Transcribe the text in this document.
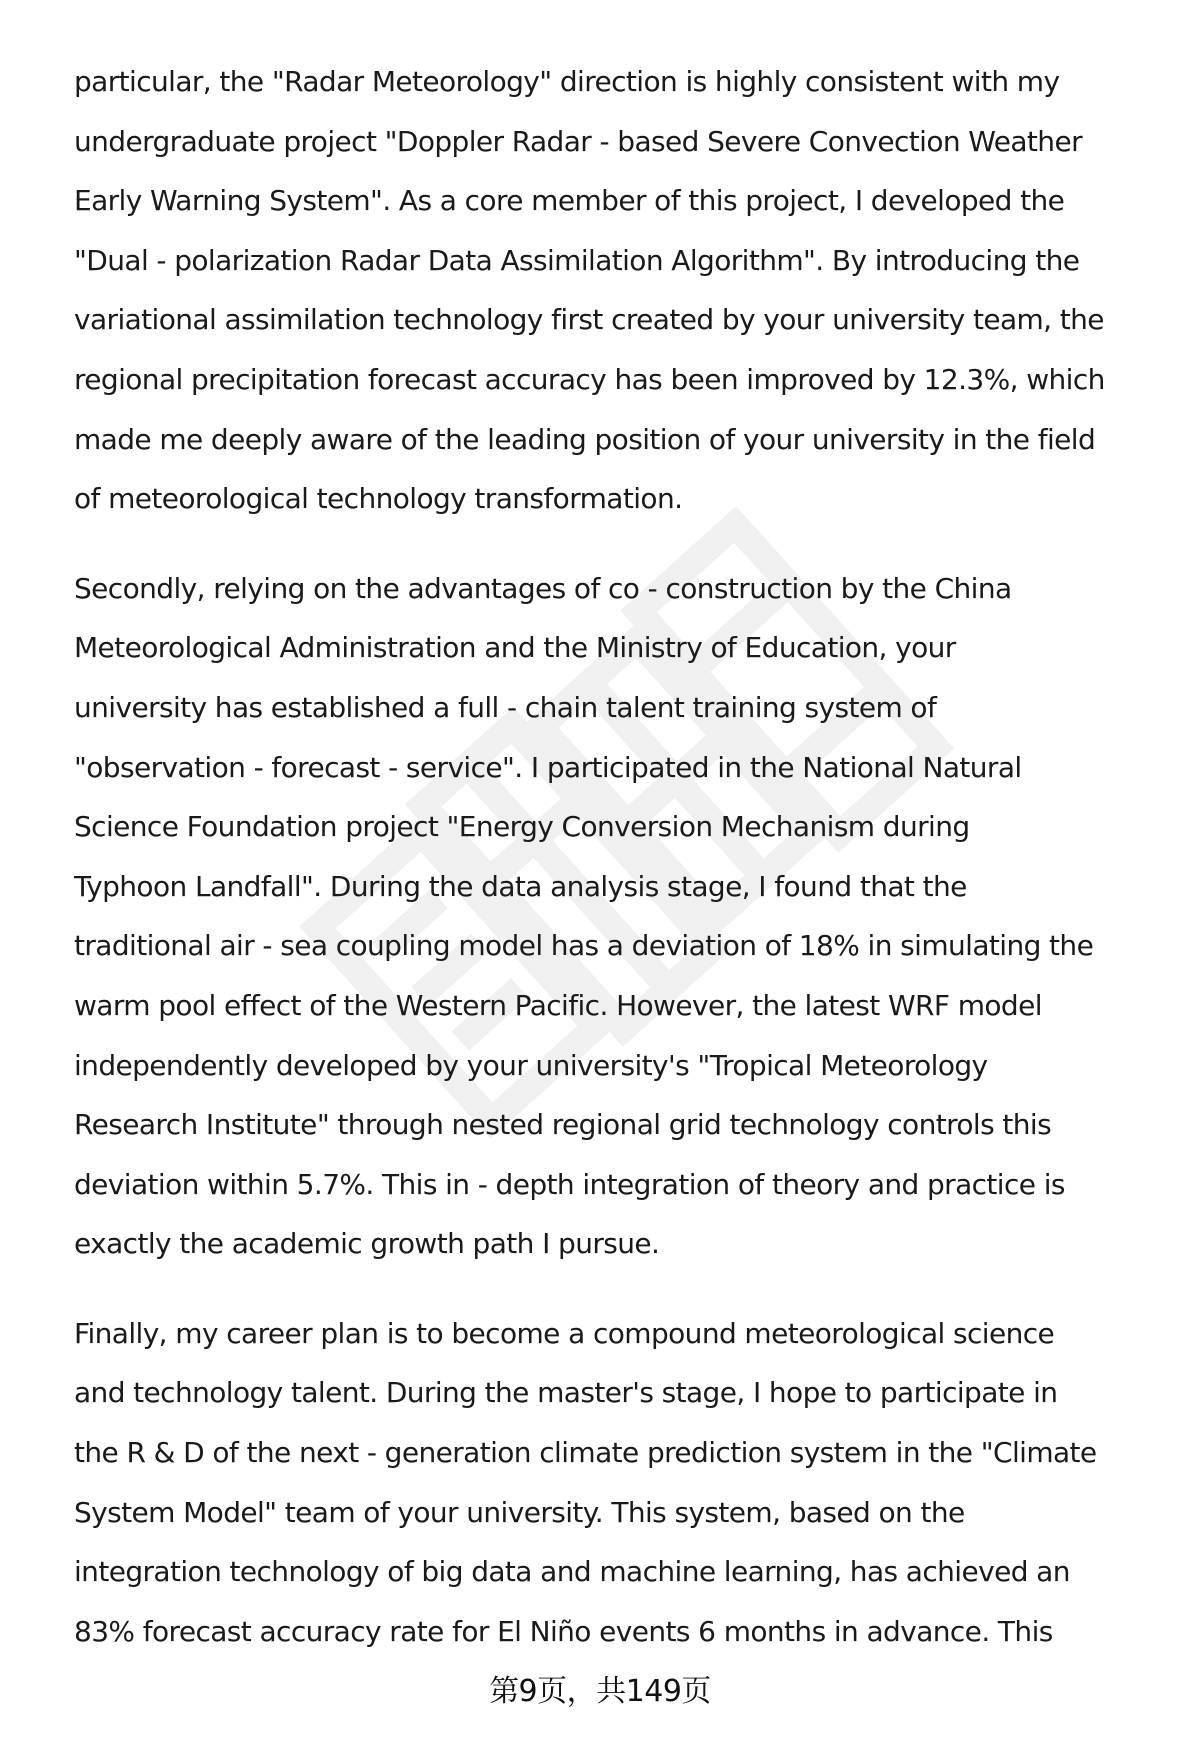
particular, the "Radar Meteorology" direction is highly consistent with my
undergraduate project "Doppler Radar - based Severe Convection Weather
Early Warning System". As a core member of this project, I developed the
"Dual - polarization Radar Data Assimilation Algorithm". By introducing the
variational assimilation technology first created by your university team, the
regional precipitation forecast accuracy has been improved by 12.3%, which
made me deeply aware of the leading position of your university in the field
of meteorological technology transformation.
Secondly, relying on the advantages of co - construction by the China
Meteorological Administration and the Ministry of Education, your
university has established a full - chain talent training system of
"observation - forecast - service". I participated in the National Natural
Science Foundation project "Energy Conversion Mechanism during
Typhoon Landfall". During the data analysis stage, I found that the
traditional air - sea coupling model has a deviation of 18% in simulating the
warm pool effect of the Western Pacific. However, the latest WRF model
independently developed by your university's "Tropical Meteorology
Research Institute" through nested regional grid technology controls this
deviation within 5.7%. This in - depth integration of theory and practice is
exactly the academic growth path I pursue.
Finally, my career plan is to become a compound meteorological science
and technology talent. During the master's stage, I hope to participate in
the R & D of the next - generation climate prediction system in the "Climate
System Model" team of your university. This system, based on the
integration technology of big data and machine learning, has achieved an
83% forecast accuracy rate for El Niño events 6 months in advance. This
第9页，共149页
